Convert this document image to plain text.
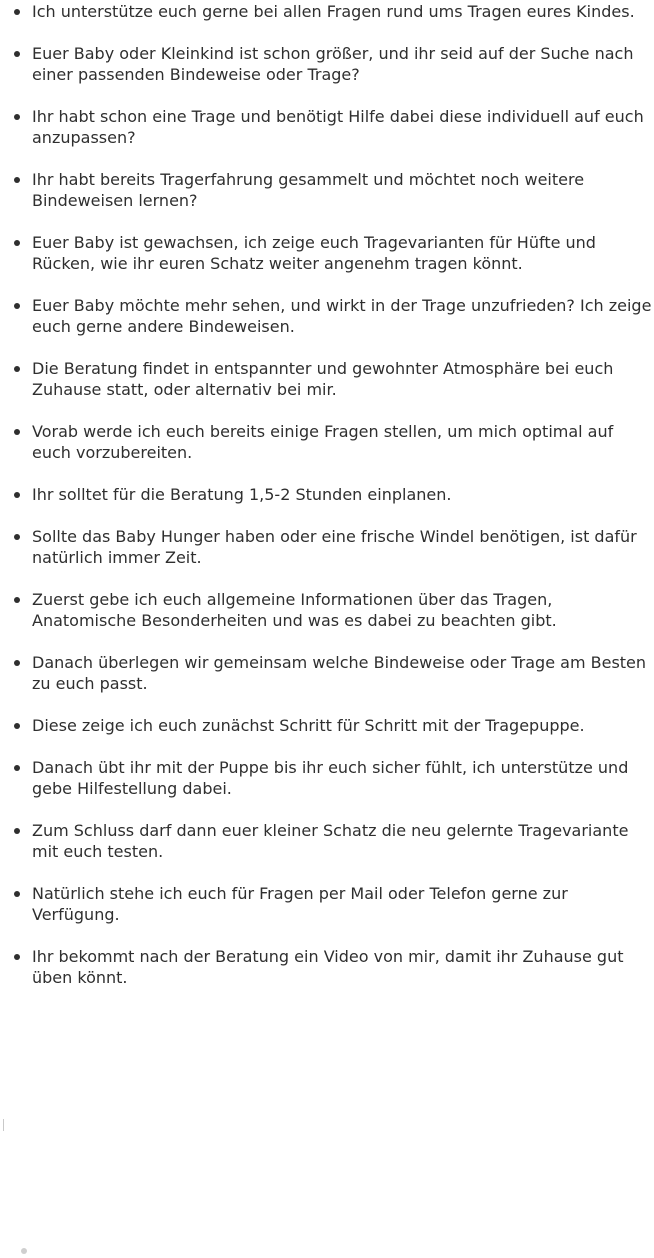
Ich unterstütze euch gerne bei allen Fragen rund ums Tragen eures Kindes.
Euer Baby oder Kleinkind ist schon größer, und ihr seid auf der Suche nach einer passenden Bindeweise oder Trage?
Ihr habt schon eine Trage und benötigt Hilfe dabei diese individuell auf euch anzupassen?
Ihr habt bereits Tragerfahrung gesammelt und möchtet noch weitere Bindeweisen lernen?
Euer Baby ist gewachsen, ich zeige euch Tragevarianten für Hüfte und Rücken, wie ihr euren Schatz weiter angenehm tragen könnt.
Euer Baby möchte mehr sehen, und wirkt in der Trage unzufrieden? Ich zeige euch gerne andere Bindeweisen.
Die Beratung findet in entspannter und gewohnter Atmosphäre bei euch Zuhause statt, oder alternativ bei mir.
Vorab werde ich euch bereits einige Fragen stellen, um mich optimal auf euch vorzubereiten.
Ihr solltet für die Beratung 1,5-2 Stunden einplanen.
Sollte das Baby Hunger haben oder eine frische Windel benötigen, ist dafür natürlich immer Zeit.
Zuerst gebe ich euch allgemeine Informationen über das Tragen, Anatomische Besonderheiten und was es dabei zu beachten gibt.
Danach überlegen wir gemeinsam welche Bindeweise oder Trage am Besten zu euch passt.
Diese zeige ich euch zunächst Schritt für Schritt mit der Tragepuppe.
Danach übt ihr mit der Puppe bis ihr euch sicher fühlt, ich unterstütze und gebe Hilfestellung dabei.
Zum Schluss darf dann euer kleiner Schatz die neu gelernte Tragevariante mit euch testen.
Natürlich stehe ich euch für Fragen per Mail oder Telefon gerne zur Verfügung.
Ihr bekommt nach der Beratung ein Video von mir, damit ihr Zuhause gut üben könnt.
